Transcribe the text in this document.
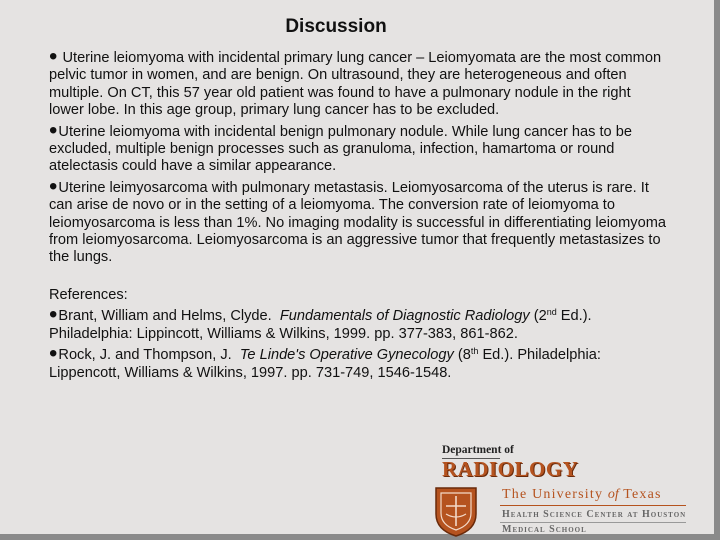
Discussion

• Uterine leiomyoma with incidental primary lung cancer – Leiomyomata are the most common pelvic tumor in women, and are benign. On ultrasound, they are heterogeneous and often multiple. On CT, this 57 year old patient was found to have a pulmonary nodule in the right lower lobe. In this age group, primary lung cancer has to be excluded.

•Uterine leiomyoma with incidental benign pulmonary nodule. While lung cancer has to be excluded, multiple benign processes such as granuloma, infection, hamartoma or round atelectasis could have a similar appearance.

•Uterine leimyosarcoma with pulmonary metastasis. Leiomyosarcoma of the uterus is rare. It can arise de novo or in the setting of a leiomyoma. The conversion rate of leiomyoma to leiomyosarcoma is less than 1%. No imaging modality is successful in differentiating leiomyoma from leiomyosarcoma. Leiomyosarcoma is an aggressive tumor that frequently metastasizes to the lungs.

References:

•Brant, William and Helms, Clyde. Fundamentals of Diagnostic Radiology (2nd Ed.). Philadelphia: Lippincott, Williams & Wilkins, 1999. pp. 377-383, 861-862.

•Rock, J. and Thompson, J. Te Linde's Operative Gynecology (8th Ed.). Philadelphia: Lippencott, Williams & Wilkins, 1997. pp. 731-749, 1546-1548.

Department of
RADIOLOGY
The University of Texas
Health Science Center at Houston
Medical School
